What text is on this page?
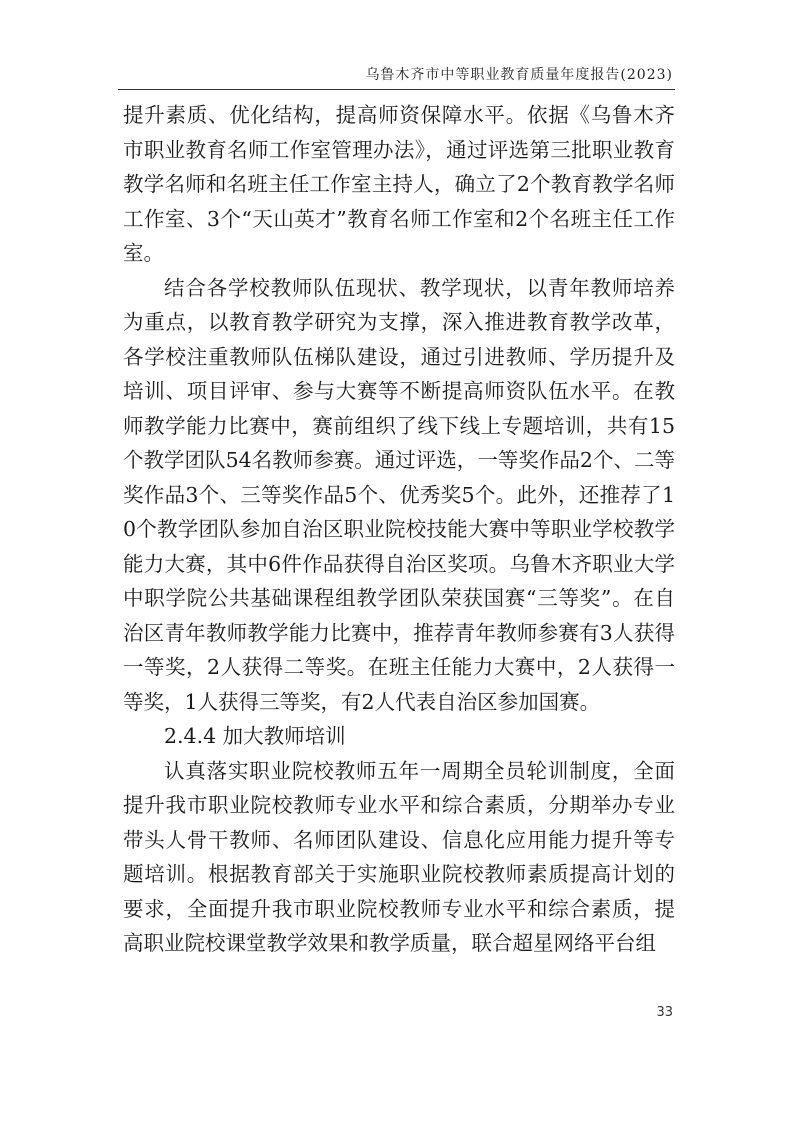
乌鲁木齐市中等职业教育质量年度报告(2023)

提升素质、优化结构，提高师资保障水平。依据《乌鲁木齐市职业教育名师工作室管理办法》，通过评选第三批职业教育教学名师和名班主任工作室主持人，确立了2个教育教学名师工作室、3个“天山英才”教育名师工作室和2个名班主任工作室。

结合各学校教师队伍现状、教学现状，以青年教师培养为重点，以教育教学研究为支撑，深入推进教育教学改革，各学校注重教师队伍梯队建设，通过引进教师、学历提升及培训、项目评审、参与大赛等不断提高师资队伍水平。在教师教学能力比赛中，赛前组织了线下线上专题培训，共有15个教学团队54名教师参赛。通过评选，一等奖作品2个、二等奖作品3个、三等奖作品5个、优秀奖5个。此外，还推荐了10个教学团队参加自治区职业院校技能大赛中等职业学校教学能力大赛，其中6件作品获得自治区奖项。乌鲁木齐职业大学中职学院公共基础课程组教学团队荣获国赛“三等奖”。在自治区青年教师教学能力比赛中，推荐青年教师参赛有3人获得一等奖，2人获得二等奖。在班主任能力大赛中，2人获得一等奖，1人获得三等奖，有2人代表自治区参加国赛。

2.4.4 加大教师培训

认真落实职业院校教师五年一周期全员轮训制度，全面提升我市职业院校教师专业水平和综合素质，分期举办专业带头人骨干教师、名师团队建设、信息化应用能力提升等专题培训。根据教育部关于实施职业院校教师素质提高计划的要求，全面提升我市职业院校教师专业水平和综合素质，提高职业院校课堂教学效果和教学质量，联合超星网络平台组

33
